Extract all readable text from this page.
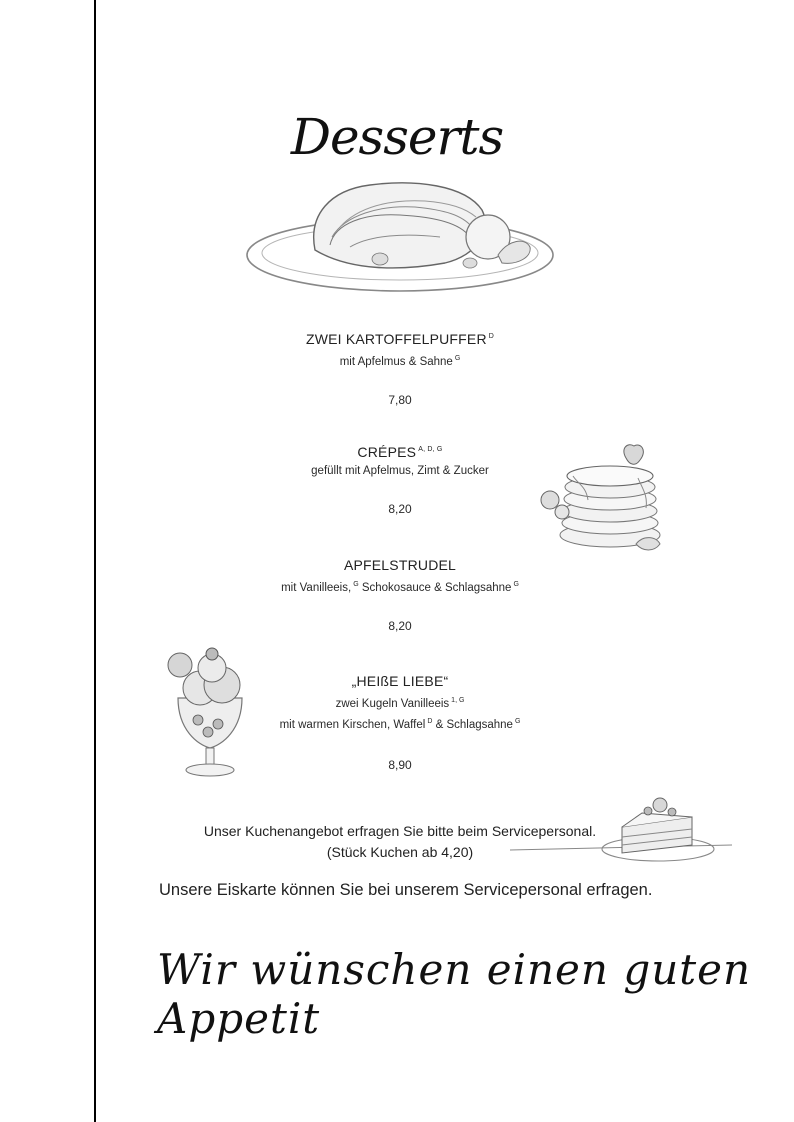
Desserts
ZWEI KARTOFFELPUFFER $^D$
mit Apfelmus & Sahne $^G$
7,80
CRÉPES $^{A, D, G}$
gefüllt mit Apfelmus, Zimt & Zucker
8,20
APFELSTRUDEL
mit Vanilleeis, $^G$ Schokosauce & Schlagsahne $^G$
8,20
„HEIßE LIEBE“
zwei Kugeln Vanilleeis $^{1, G}$
mit warmen Kirschen, Waffel $^D$ & Schlagsahne $^G$
8,90
Unser Kuchenangebot erfragen Sie bitte beim Servicepersonal.
(Stück Kuchen ab 4,20)
Unsere Eiskarte können Sie bei unserem Servicepersonal erfragen.
Wir wünschen einen guten Appetit
